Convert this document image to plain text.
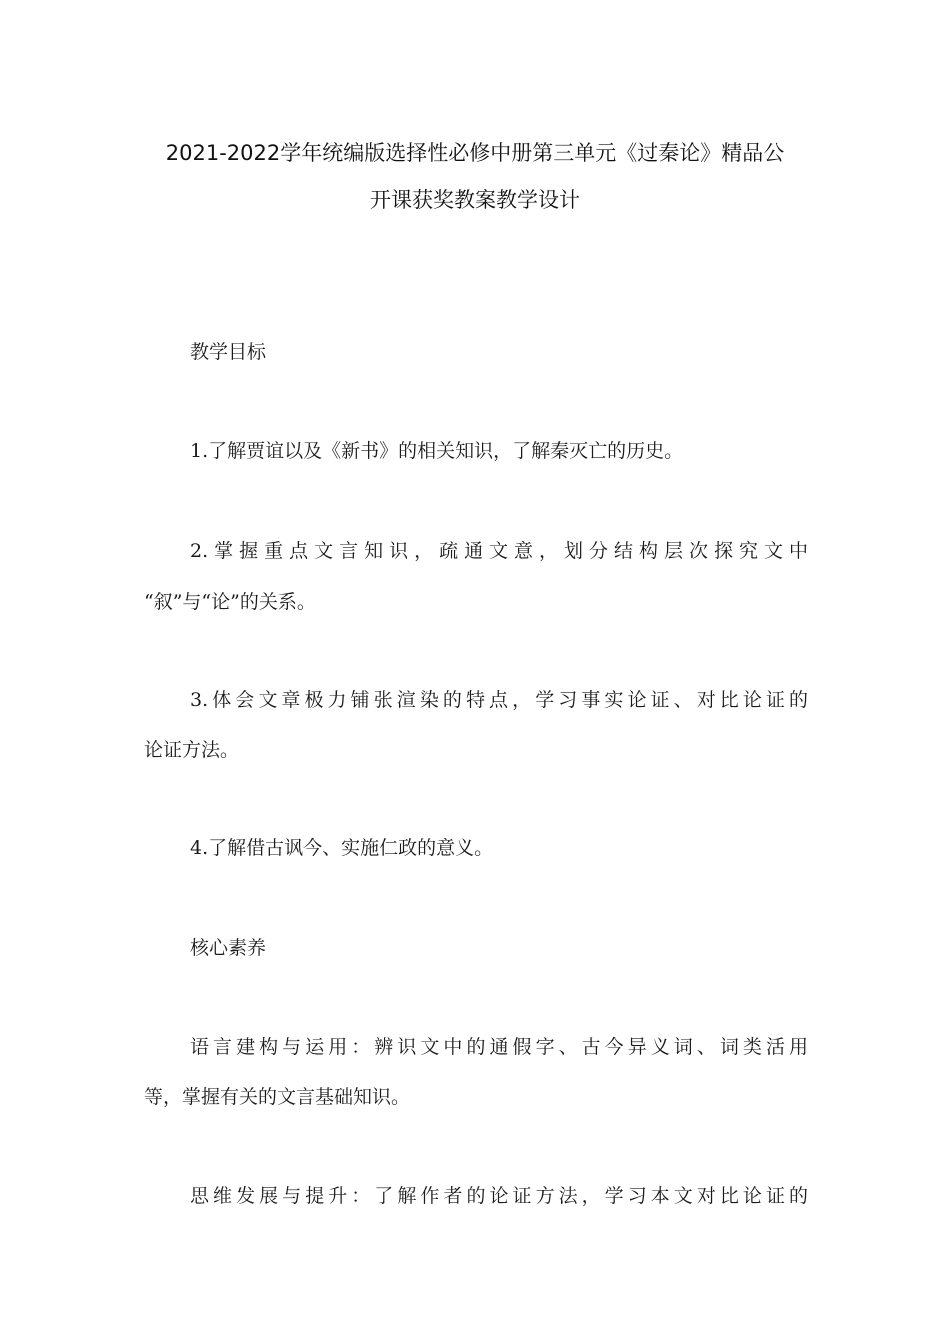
2021-2022学年统编版选择性必修中册第三单元《过秦论》精品公
开课获奖教案教学设计
教学目标
1.了解贾谊以及《新书》的相关知识，了解秦灭亡的历史。
2.掌握重点文言知识，疏通文意，划分结构层次探究文中
“叙”与“论”的关系。
3.体会文章极力铺张渲染的特点，学习事实论证、对比论证的
论证方法。
4.了解借古讽今、实施仁政的意义。
核心素养
语言建构与运用：辨识文中的通假字、古今异义词、词类活用
等，掌握有关的文言基础知识。
思维发展与提升：了解作者的论证方法，学习本文对比论证的
